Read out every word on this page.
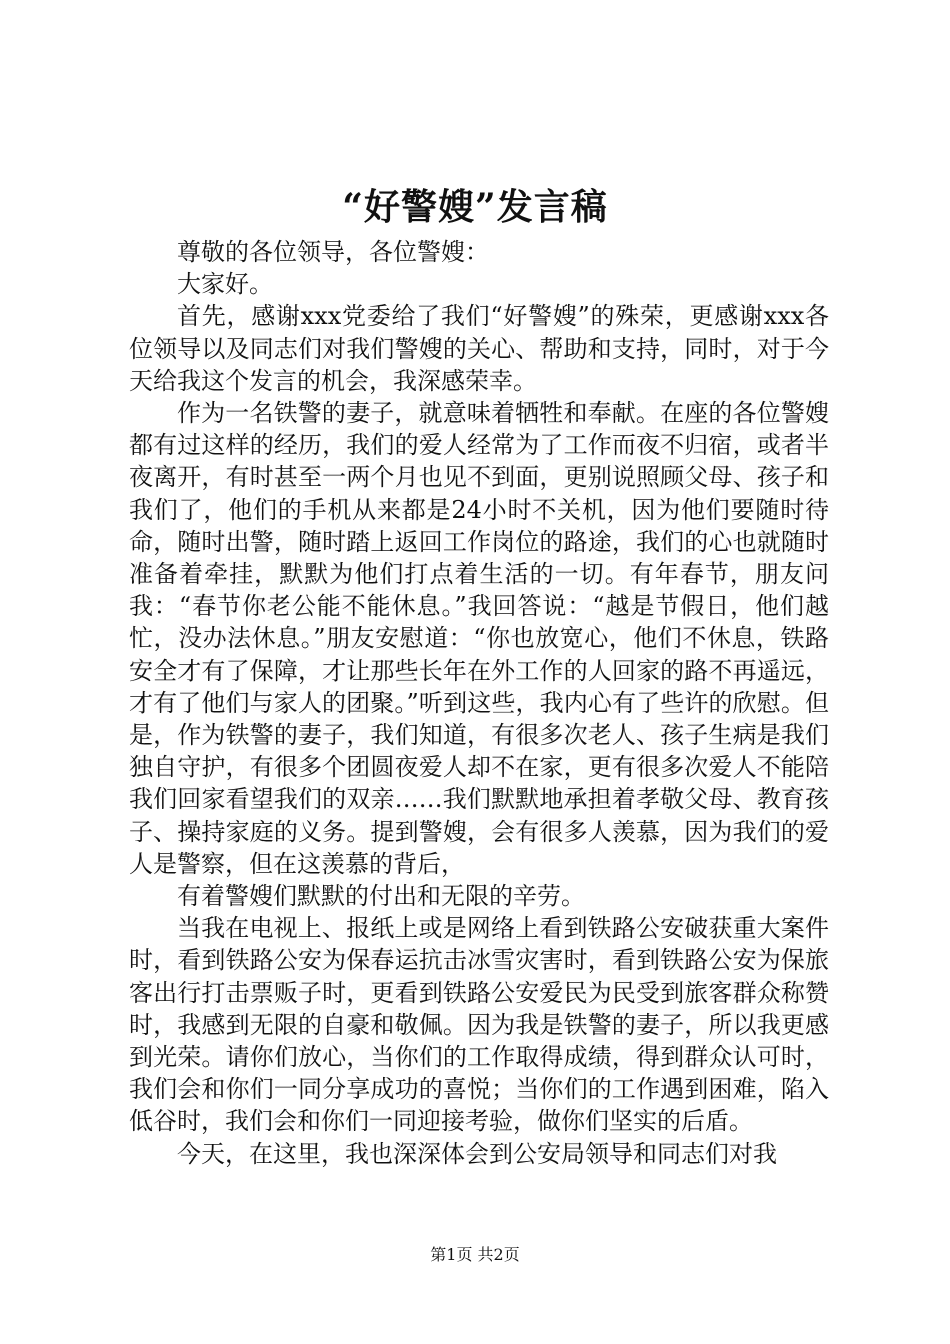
“好警嫂”发言稿

尊敬的各位领导，各位警嫂：

大家好。

首先，感谢xxx党委给了我们“好警嫂”的殊荣，更感谢xxx各位领导以及同志们对我们警嫂的关心、帮助和支持，同时，对于今天给我这个发言的机会，我深感荣幸。

作为一名铁警的妻子，就意味着牺牲和奉献。在座的各位警嫂都有过这样的经历，我们的爱人经常为了工作而夜不归宿，或者半夜离开，有时甚至一两个月也见不到面，更别说照顾父母、孩子和我们了，他们的手机从来都是24小时不关机，因为他们要随时待命，随时出警，随时踏上返回工作岗位的路途，我们的心也就随时准备着牵挂，默默为他们打点着生活的一切。有年春节，朋友问我：“春节你老公能不能休息。”我回答说：“越是节假日，他们越忙，没办法休息。”朋友安慰道：“你也放宽心，他们不休息，铁路安全才有了保障，才让那些长年在外工作的人回家的路不再遥远，才有了他们与家人的团聚。”听到这些，我内心有了些许的欣慰。但是，作为铁警的妻子，我们知道，有很多次老人、孩子生病是我们独自守护，有很多个团圆夜爱人却不在家，更有很多次爱人不能陪我们回家看望我们的双亲……我们默默地承担着孝敬父母、教育孩子、操持家庭的义务。提到警嫂，会有很多人羡慕，因为我们的爱人是警察，但在这羡慕的背后，

有着警嫂们默默的付出和无限的辛劳。

当我在电视上、报纸上或是网络上看到铁路公安破获重大案件时，看到铁路公安为保春运抗击冰雪灾害时，看到铁路公安为保旅客出行打击票贩子时，更看到铁路公安爱民为民受到旅客群众称赞时，我感到无限的自豪和敬佩。因为我是铁警的妻子，所以我更感到光荣。请你们放心，当你们的工作取得成绩，得到群众认可时，我们会和你们一同分享成功的喜悦；当你们的工作遇到困难，陷入低谷时，我们会和你们一同迎接考验，做你们坚实的后盾。

今天，在这里，我也深深体会到公安局领导和同志们对我

第1页 共2页
